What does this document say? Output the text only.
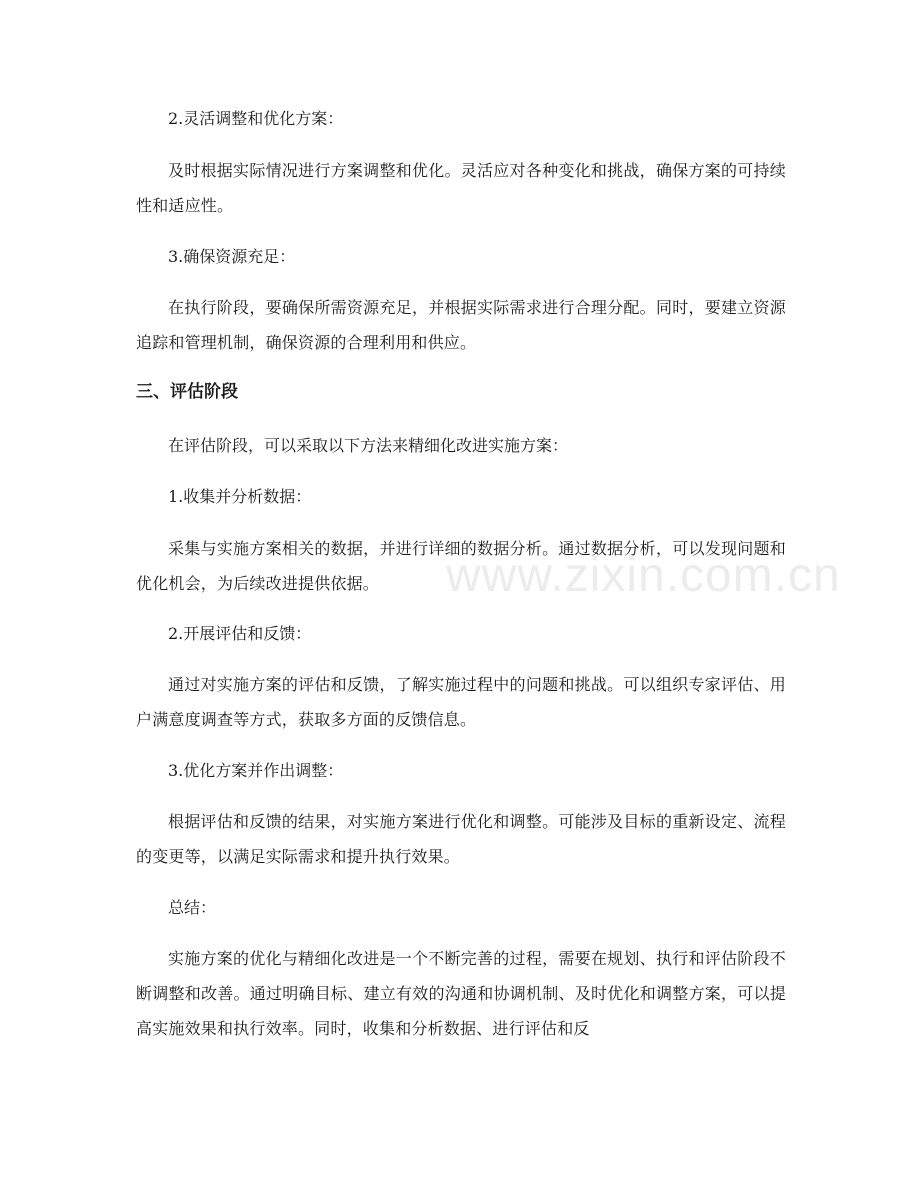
www.zixin.com.cn

2.灵活调整和优化方案：

及时根据实际情况进行方案调整和优化。灵活应对各种变化和挑战，确保方案的可持续性和适应性。

3.确保资源充足：

在执行阶段，要确保所需资源充足，并根据实际需求进行合理分配。同时，要建立资源追踪和管理机制，确保资源的合理利用和供应。

三、评估阶段

在评估阶段，可以采取以下方法来精细化改进实施方案：

1.收集并分析数据：

采集与实施方案相关的数据，并进行详细的数据分析。通过数据分析，可以发现问题和优化机会，为后续改进提供依据。

2.开展评估和反馈：

通过对实施方案的评估和反馈，了解实施过程中的问题和挑战。可以组织专家评估、用户满意度调查等方式，获取多方面的反馈信息。

3.优化方案并作出调整：

根据评估和反馈的结果，对实施方案进行优化和调整。可能涉及目标的重新设定、流程的变更等，以满足实际需求和提升执行效果。

总结：

实施方案的优化与精细化改进是一个不断完善的过程，需要在规划、执行和评估阶段不断调整和改善。通过明确目标、建立有效的沟通和协调机制、及时优化和调整方案，可以提高实施效果和执行效率。同时，收集和分析数据、进行评估和反
